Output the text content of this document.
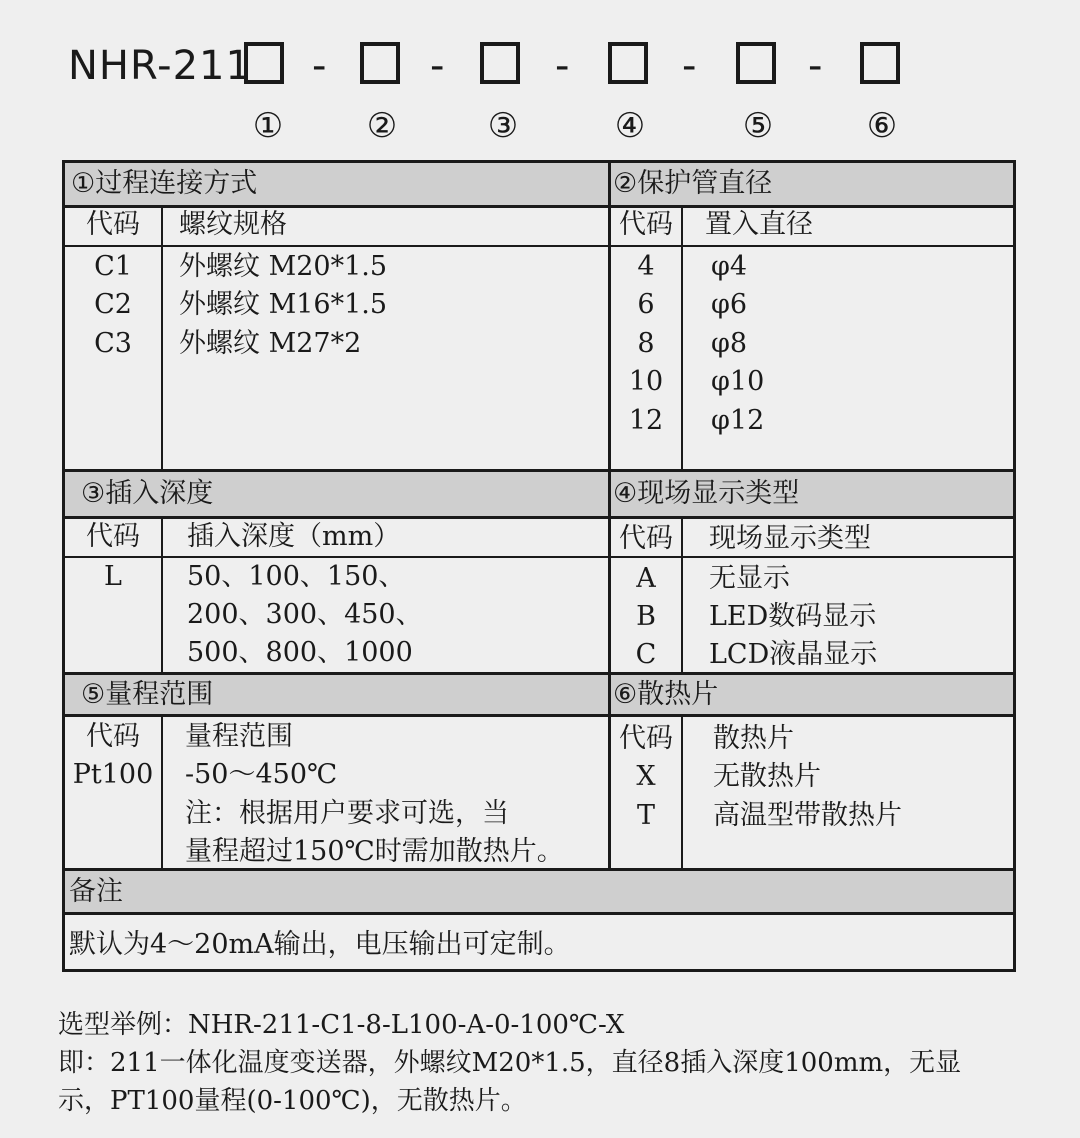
NHR-211 -	-	-	-	-
① ②	③	④	⑤	⑥
①过程连接方式
代码	螺纹规格
C1	外螺纹 M20*1.5
C2	外螺纹 M16*1.5
C3	外螺纹 M27*2
②保护管直径
代码 置入直径
4	φ4
6	φ6
8	φ8
10	φ10
12	φ12
③插入深度
代码	插入深度（mm）
L	50、100、150、
200、300、450、
500、800、1000
④现场显示类型
代码 现场显示类型
A	无显示
B	LED数码显示
C	LCD液晶显示
⑤量程范围
代码	量程范围
Pt100 -50～450℃
注：根据用户要求可选，当
量程超过150℃时需加散热片。
⑥散热片
代码 散热片
X	无散热片
T	高温型带散热片
备注
默认为4～20mA输出，电压输出可定制。
选型举例：NHR-211-C1-8-L100-A-0-100℃-X
即：211一体化温度变送器，外螺纹M20*1.5，直径8插入深度100mm，无显
示，PT100量程(0-100℃)，无散热片。
